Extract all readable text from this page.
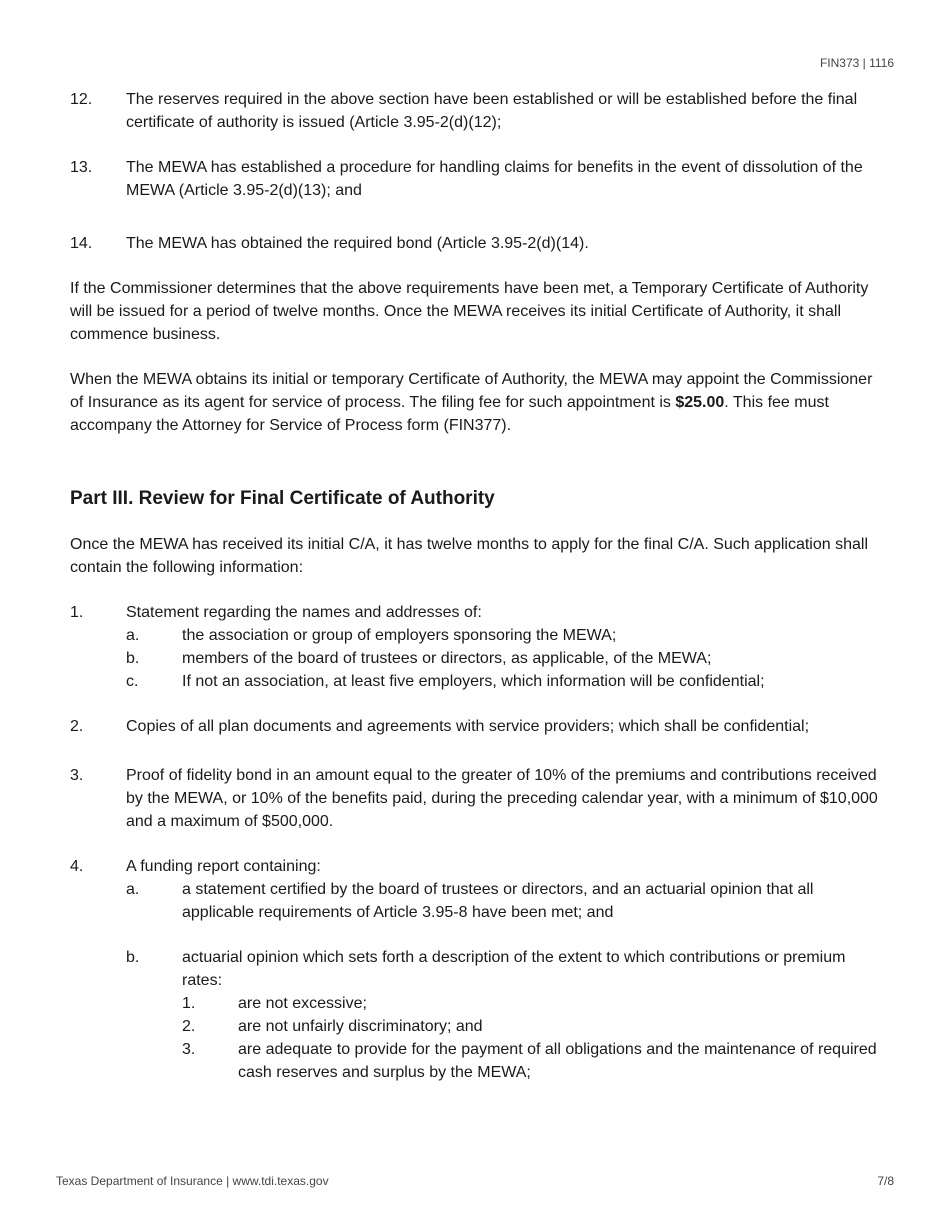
FIN373 | 1116
12.	The reserves required in the above section have been established or will be established before the final certificate of authority is issued (Article 3.95-2(d)(12);
13.	The MEWA has established a procedure for handling claims for benefits in the event of dissolution of the MEWA (Article 3.95-2(d)(13); and
14.	The MEWA has obtained the required bond (Article 3.95-2(d)(14).

If the Commissioner determines that the above requirements have been met, a Temporary Certificate of Authority will be issued for a period of twelve months. Once the MEWA receives its initial Certificate of Authority, it shall commence business.

When the MEWA obtains its initial or temporary Certificate of Authority, the MEWA may appoint the Commissioner of Insurance as its agent for service of process. The filing fee for such appointment is $25.00. This fee must accompany the Attorney for Service of Process form (FIN377).

Part III. Review for Final Certificate of Authority

Once the MEWA has received its initial C/A, it has twelve months to apply for the final C/A. Such application shall contain the following information:

1.	Statement regarding the names and addresses of:
a.	the association or group of employers sponsoring the MEWA;
b.	members of the board of trustees or directors, as applicable, of the MEWA;
c.	If not an association, at least five employers, which information will be confidential;
2.	Copies of all plan documents and agreements with service providers; which shall be confidential;
3.	Proof of fidelity bond in an amount equal to the greater of 10% of the premiums and contributions received by the MEWA, or 10% of the benefits paid, during the preceding calendar year, with a minimum of $10,000 and a maximum of $500,000.
4.	A funding report containing:
a.	a statement certified by the board of trustees or directors, and an actuarial opinion that all applicable requirements of Article 3.95-8 have been met; and
b.	actuarial opinion which sets forth a description of the extent to which contributions or premium rates:
1.	are not excessive;
2.	are not unfairly discriminatory; and
3.	are adequate to provide for the payment of all obligations and the maintenance of required cash reserves and surplus by the MEWA;
Texas Department of Insurance | www.tdi.texas.gov	7/8
